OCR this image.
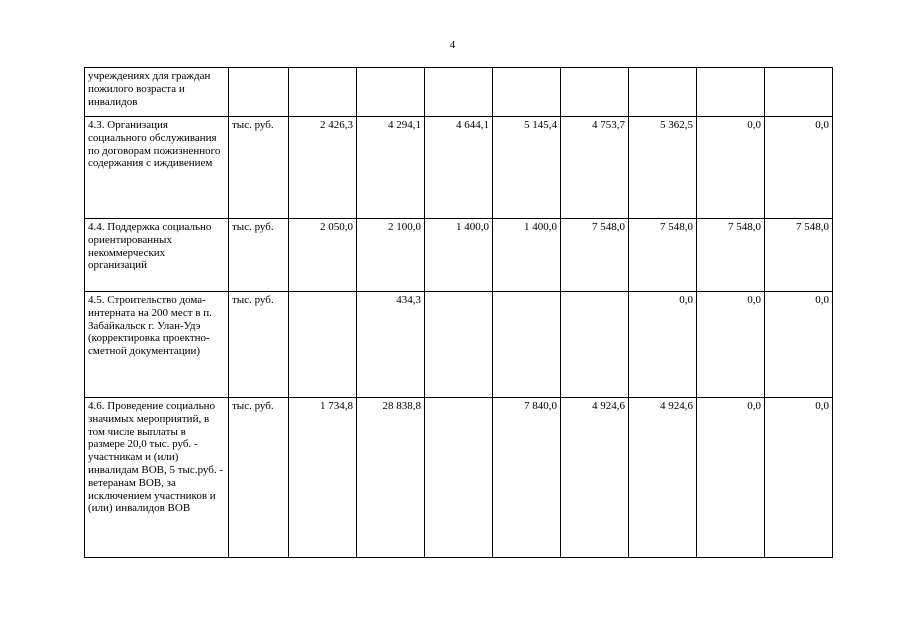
4
учреждениях для граждан пожилого возраста и инвалидов									
4.3. Организация социального обслуживания по договорам пожизненного содержания с иждивением	тыс. руб.	2 426,3	4 294,1	4 644,1	5 145,4	4 753,7	5 362,5	0,0	0,0
4.4. Поддержка социально ориентированных некоммерческих организаций	тыс. руб.	2 050,0	2 100,0	1 400,0	1 400,0	7 548,0	7 548,0	7 548,0	7 548,0
4.5. Строительство дома-интерната на 200 мест в п. Забайкальск г. Улан-Удэ (корректировка проектно-сметной документации)	тыс. руб.		434,3				0,0	0,0	0,0
4.6. Проведение социально значимых мероприятий, в том числе выплаты в размере 20,0 тыс. руб. - участникам и (или) инвалидам ВОВ, 5 тыс.руб. - ветеранам ВОВ, за исключением участников и (или) инвалидов ВОВ	тыс. руб.	1 734,8	28 838,8		7 840,0	4 924,6	4 924,6	0,0	0,0
